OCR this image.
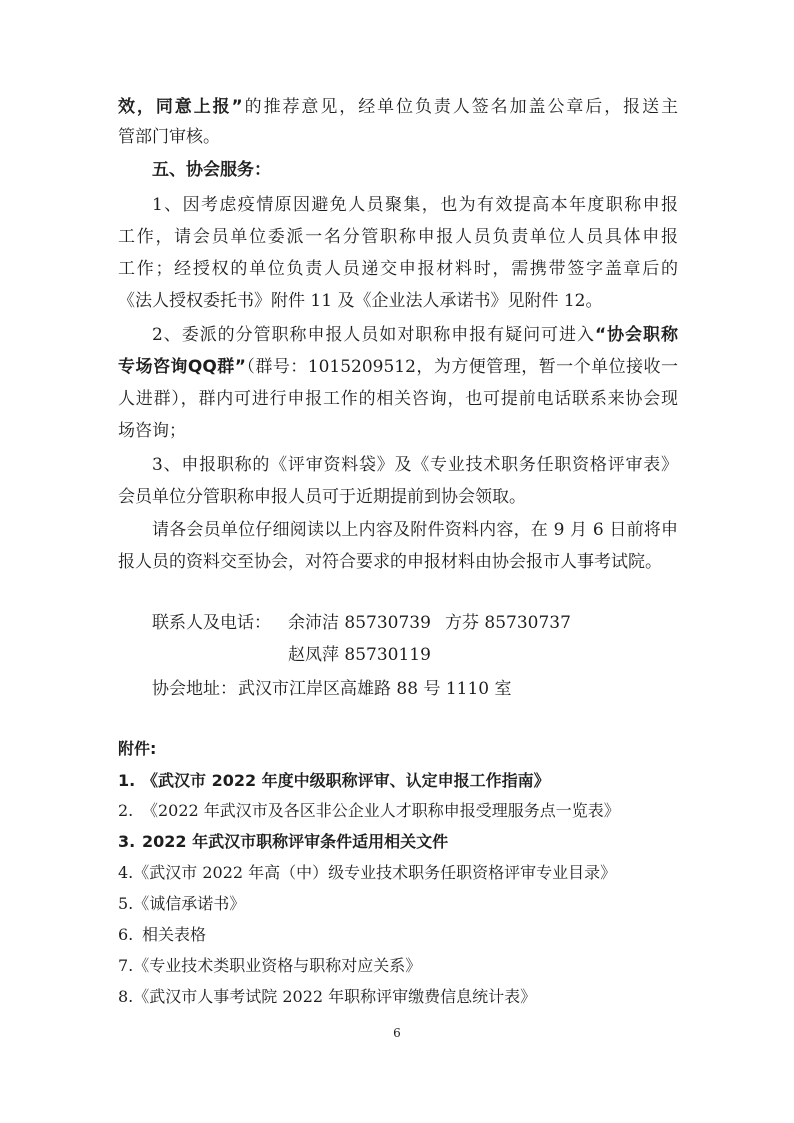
效，同意上报”的推荐意见，经单位负责人签名加盖公章后，报送主
管部门审核。
五、协会服务：
1、因考虑疫情原因避免人员聚集，也为有效提高本年度职称申报
工作，请会员单位委派一名分管职称申报人员负责单位人员具体申报
工作；经授权的单位负责人员递交申报材料时，需携带签字盖章后的
《法人授权委托书》附件 11 及《企业法人承诺书》见附件 12。
2、委派的分管职称申报人员如对职称申报有疑问可进入“协会职称
专场咨询QQ群”（群号：1015209512，为方便管理，暂一个单位接收一
人进群），群内可进行申报工作的相关咨询，也可提前电话联系来协会现
场咨询；
3、申报职称的《评审资料袋》及《专业技术职务任职资格评审表》
会员单位分管职称申报人员可于近期提前到协会领取。
请各会员单位仔细阅读以上内容及附件资料内容，在 9 月 6 日前将申
报人员的资料交至协会，对符合要求的申报材料由协会报市人事考试院。
联系人及电话： 余沛洁 85730739 方芬 85730737
赵凤萍 85730119
协会地址： 武汉市江岸区高雄路 88 号 1110 室
附件:
1. 《武汉市 2022 年度中级职称评审、认定申报工作指南》
2. 《2022 年武汉市及各区非公企业人才职称申报受理服务点一览表》
3. 2022 年武汉市职称评审条件适用相关文件
4.《武汉市 2022 年高（中）级专业技术职务任职资格评审专业目录》
5.《诚信承诺书》
6. 相关表格
7.《专业技术类职业资格与职称对应关系》
8.《武汉市人事考试院 2022 年职称评审缴费信息统计表》
6
